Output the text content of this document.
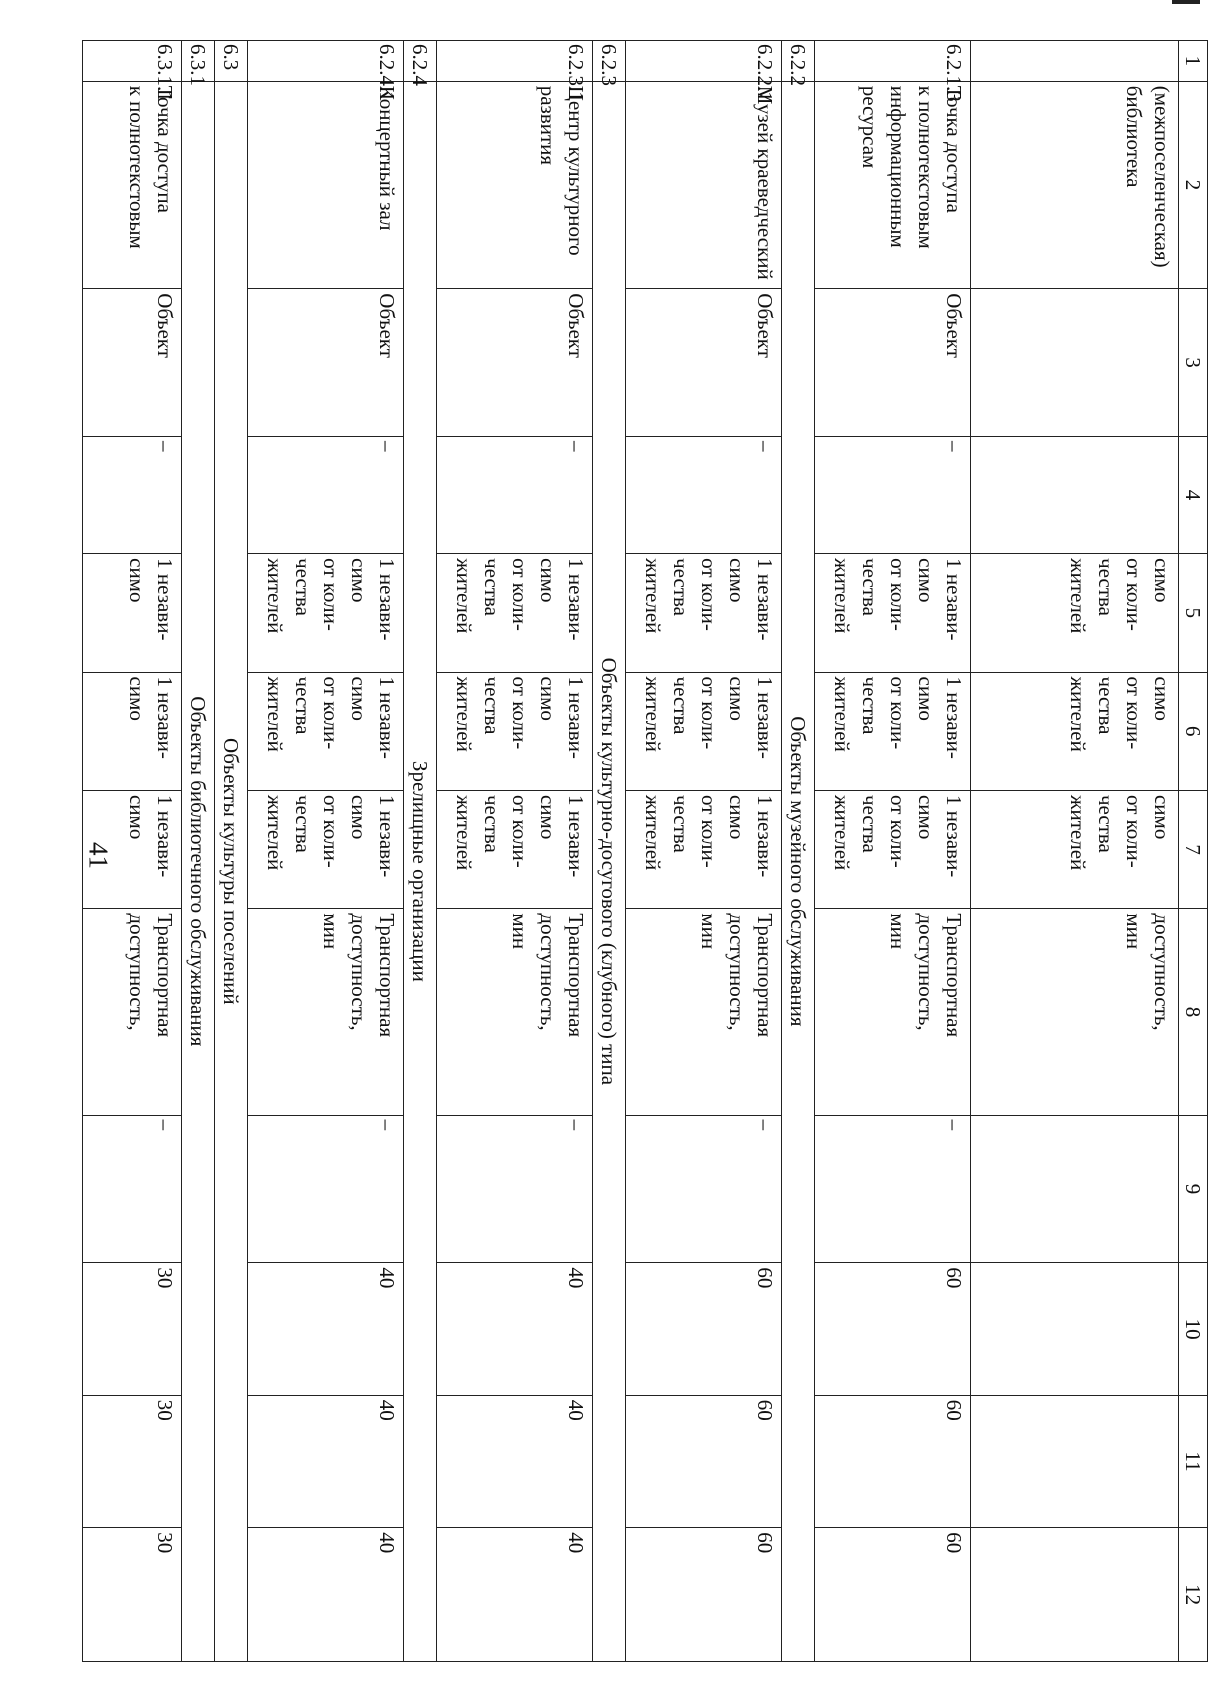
41
1	2	3	4	5	6	7	8	9	10	11	12

	(межпоселенческая)
библиотека			симо
от коли-
чества
жителей	симо
от коли-
чества
жителей	симо
от коли-
чества
жителей	доступность,
мин				

6.2.1.3	Точка доступа
к полнотекстовым
информационным
ресурсам	Объект	–	1 незави-
симо
от коли-
чества
жителей	1 незави-
симо
от коли-
чества
жителей	1 незави-
симо
от коли-
чества
жителей	Транспортная
доступность,
мин	–	60	60	60

6.2.2	Объекты музейного обслуживания										

6.2.2.1	Музей краеведческий	Объект	–	1 незави-
симо
от коли-
чества
жителей	1 незави-
симо
от коли-
чества
жителей	1 незави-
симо
от коли-
чества
жителей	Транспортная
доступность,
мин	–	60	60	60

6.2.3	Объекты культурно-досугового (клубного) типа										

6.2.3.1	Центр культурного
развития	Объект	–	1 незави-
симо
от коли-
чества
жителей	1 незави-
симо
от коли-
чества
жителей	1 незави-
симо
от коли-
чества
жителей	Транспортная
доступность,
мин	–	40	40	40

6.2.4	Зрелищные организации										

6.2.4.1	Концертный зал	Объект	–	1 незави-
симо
от коли-
чества
жителей	1 незави-
симо
от коли-
чества
жителей	1 незави-
симо
от коли-
чества
жителей	Транспортная
доступность,
мин	–	40	40	40

6.3	Объекты культуры поселений										
6.3.1	Объекты библиотечного обслуживания										

6.3.1.1	Точка доступа
к полнотекстовым	Объект	–	1 незави-
симо	1 незави-
симо	1 незави-
симо	Транспортная
доступность,	–	30	30	30
